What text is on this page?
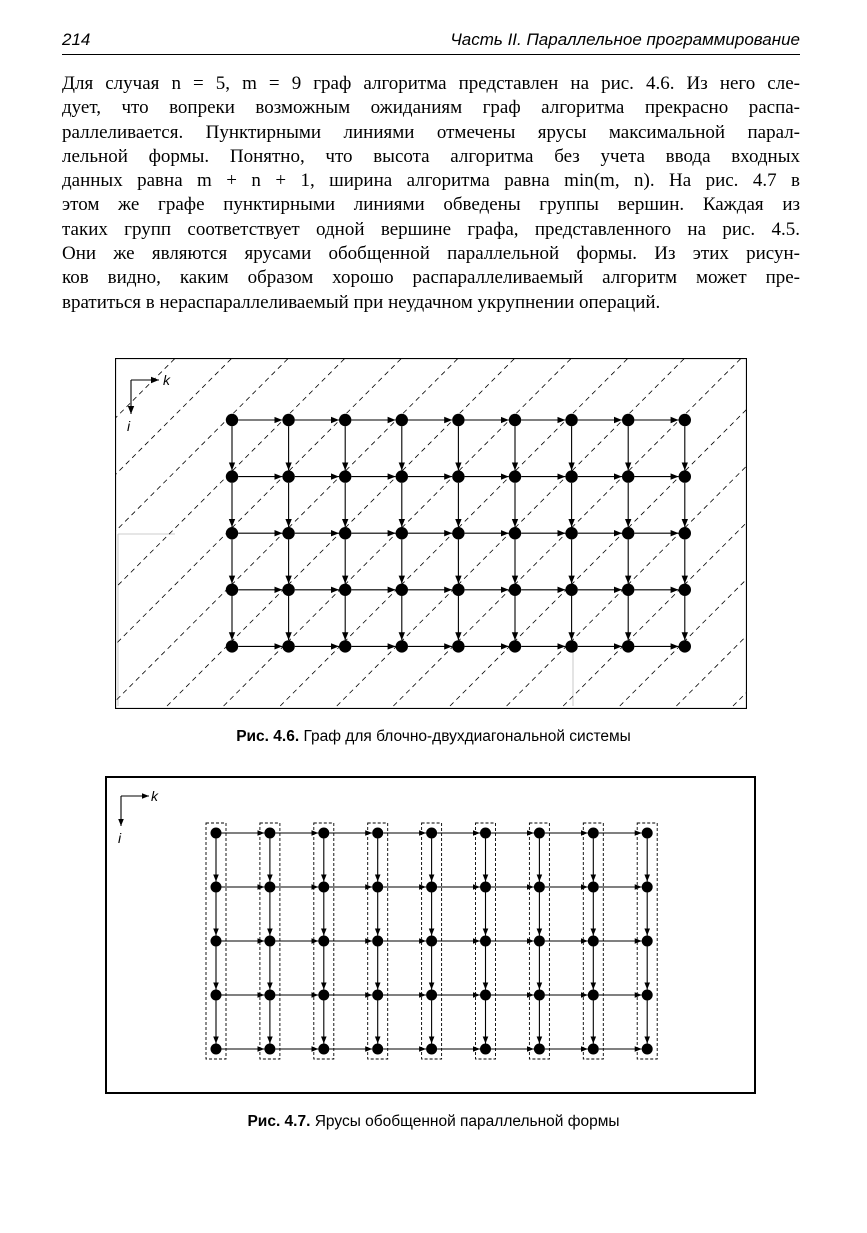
214	Часть II. Параллельное программирование
Для случая n = 5, m = 9 граф алгоритма представлен на рис. 4.6. Из него сле-
дует, что вопреки возможным ожиданиям граф алгоритма прекрасно распа-
раллеливается. Пунктирными линиями отмечены ярусы максимальной парал-
лельной формы. Понятно, что высота алгоритма без учета ввода входных
данных равна m + n + 1, ширина алгоритма равна min(m, n). На рис. 4.7 в
этом же графе пунктирными линиями обведены группы вершин. Каждая из
таких групп соответствует одной вершине графа, представленного на рис. 4.5.
Они же являются ярусами обобщенной параллельной формы. Из этих рисун-
ков видно, каким образом хорошо распараллеливаемый алгоритм может пре-
вратиться в нераспараллеливаемый при неудачном укрупнении операций.
k
i
Рис. 4.6. Граф для блочно-двухдиагональной системы
k
i
Рис. 4.7. Ярусы обобщенной параллельной формы
